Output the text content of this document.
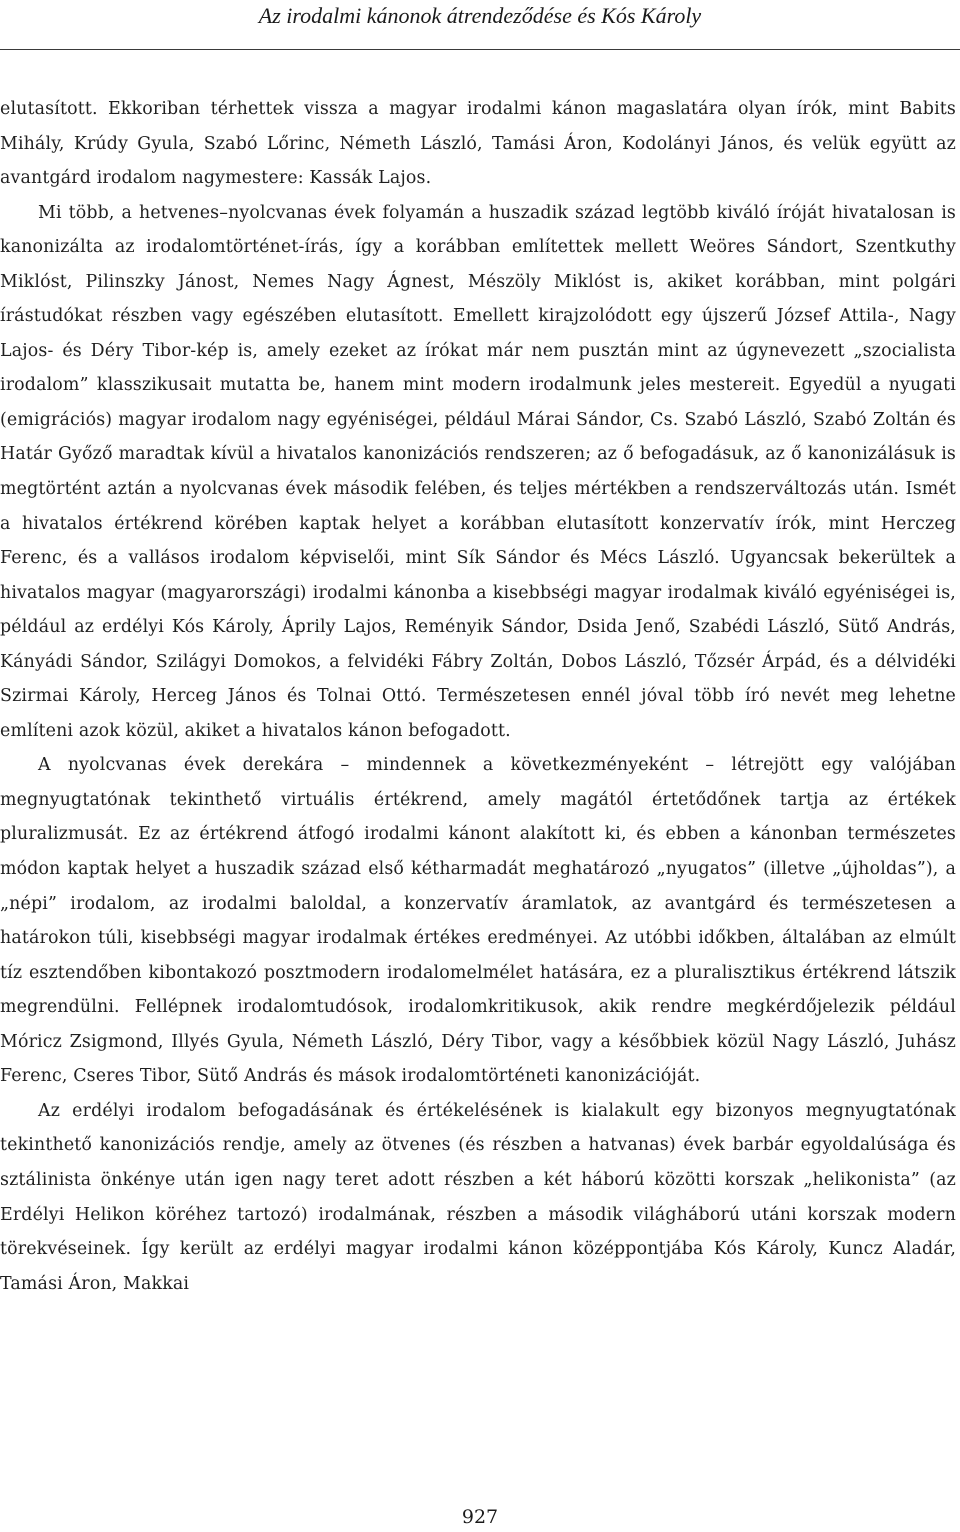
Az irodalmi kánonok átrendeződése és Kós Károly

elutasított. Ekkoriban térhettek vissza a magyar irodalmi kánon magaslatára olyan írók, mint Babits Mihály, Krúdy Gyula, Szabó Lőrinc, Németh László, Tamási Áron, Kodolányi János, és velük együtt az avantgárd irodalom nagymestere: Kassák Lajos.

Mi több, a hetvenes–nyolcvanas évek folyamán a huszadik század legtöbb kiváló íróját hivatalosan is kanonizálta az irodalomtörténet-írás, így a korábban említettek mellett Weöres Sándort, Szentkuthy Miklóst, Pilinszky Jánost, Nemes Nagy Ágnest, Mészöly Miklóst is, akiket korábban, mint polgári írástudókat részben vagy egészében elutasított. Emellett kirajzolódott egy újszerű József Attila-, Nagy Lajos- és Déry Tibor-kép is, amely ezeket az írókat már nem pusztán mint az úgynevezett „szocialista irodalom” klasszikusait mutatta be, hanem mint modern irodalmunk jeles mestereit. Egyedül a nyugati (emigrációs) magyar irodalom nagy egyéniségei, például Márai Sándor, Cs. Szabó László, Szabó Zoltán és Határ Győző maradtak kívül a hivatalos kanonizációs rendszeren; az ő befogadásuk, az ő kanonizálásuk is megtörtént aztán a nyolcvanas évek második felében, és teljes mértékben a rendszerváltozás után. Ismét a hivatalos értékrend körében kaptak helyet a korábban elutasított konzervatív írók, mint Herczeg Ferenc, és a vallásos irodalom képviselői, mint Sík Sándor és Mécs László. Ugyancsak bekerültek a hivatalos magyar (magyarországi) irodalmi kánonba a kisebbségi magyar irodalmak kiváló egyéniségei is, például az erdélyi Kós Károly, Áprily Lajos, Reményik Sándor, Dsida Jenő, Szabédi László, Sütő András, Kányádi Sándor, Szilágyi Domokos, a felvidéki Fábry Zoltán, Dobos László, Tőzsér Árpád, és a délvidéki Szirmai Károly, Herceg János és Tolnai Ottó. Természetesen ennél jóval több író nevét meg lehetne említeni azok közül, akiket a hivatalos kánon befogadott.

A nyolcvanas évek derekára – mindennek a következményeként – létrejött egy valójában megnyugtatónak tekinthető virtuális értékrend, amely magától értetődőnek tartja az értékek pluralizmusát. Ez az értékrend átfogó irodalmi kánont alakított ki, és ebben a kánonban természetes módon kaptak helyet a huszadik század első kétharmadát meghatározó „nyugatos” (illetve „újholdas”), a „népi” irodalom, az irodalmi baloldal, a konzervatív áramlatok, az avantgárd és természetesen a határokon túli, kisebbségi magyar irodalmak értékes eredményei. Az utóbbi időkben, általában az elmúlt tíz esztendőben kibontakozó posztmodern irodalomelmélet hatására, ez a pluralisztikus értékrend látszik megrendülni. Fellépnek irodalomtudósok, irodalomkritikusok, akik rendre megkérdőjelezik például Móricz Zsigmond, Illyés Gyula, Németh László, Déry Tibor, vagy a későbbiek közül Nagy László, Juhász Ferenc, Cseres Tibor, Sütő András és mások irodalomtörténeti kanonizációját.

Az erdélyi irodalom befogadásának és értékelésének is kialakult egy bizonyos megnyugtatónak tekinthető kanonizációs rendje, amely az ötvenes (és részben a hatvanas) évek barbár egyoldalúsága és sztálinista önkénye után igen nagy teret adott részben a két háború közötti korszak „helikonista” (az Erdélyi Helikon köréhez tartozó) irodalmának, részben a második világháború utáni korszak modern törekvéseinek. Így került az erdélyi magyar irodalmi kánon középpontjába Kós Károly, Kuncz Aladár, Tamási Áron, Makkai

927
